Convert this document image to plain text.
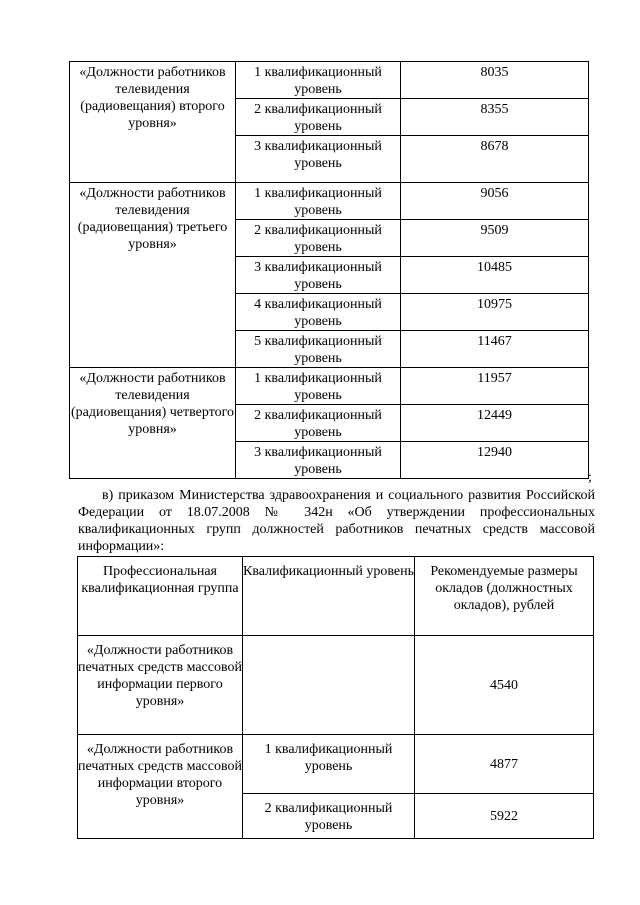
«Должности работников телевидения (радиовещания) второго уровня»	1 квалификационный уровень	8035
	2 квалификационный уровень	8355
	3 квалификационный уровень	8678
«Должности работников телевидения (радиовещания) третьего уровня»	1 квалификационный уровень	9056
	2 квалификационный уровень	9509
	3 квалификационный уровень	10485
	4 квалификационный уровень	10975
	5 квалификационный уровень	11467
«Должности работников телевидения (радиовещания) четвертого уровня»	1 квалификационный уровень	11957
	2 квалификационный уровень	12449
	3 квалификационный уровень	12940
;
в) приказом Министерства здравоохранения и социального развития Российской Федерации от 18.07.2008 № 342н «Об утверждении профессиональных квалификационных групп должностей работников печатных средств массовой информации»:
Профессиональная квалификационная группа	Квалификационный уровень	Рекомендуемые размеры окладов (должностных окладов), рублей
«Должности работников печатных средств массовой информации первого уровня»		4540
«Должности работников печатных средств массовой информации второго уровня»	1 квалификационный уровень	4877
	2 квалификационный уровень	5922
